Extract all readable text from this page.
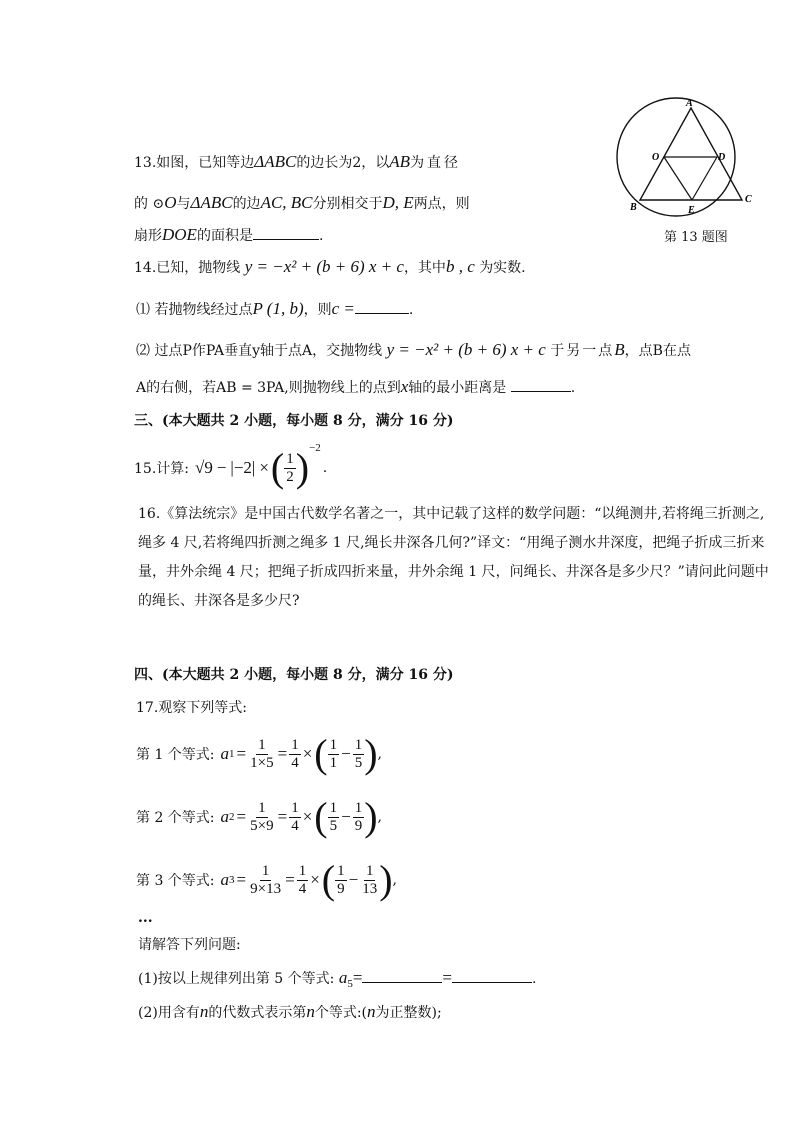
13.如图，已知等边ΔABC的边长为2，以AB为直径
的 ⊙O与ΔABC的边AC, BC分别相交于D, E两点，则
扇形DOE的面积是	.
A
O	D
B	E
C
第 13 题图
14.已知，抛物线 y = −x² + (b + 6) x + c，其中b , c 为实数.
⑴ 若抛物线经过点P (1, b)，则c =	.
⑵ 过点P作PA垂直y轴于点A，交抛物线 y = −x² + (b + 6) x + c 于另一点B，点B在点
A的右侧，若AB = 3PA,则抛物线上的点到x轴的最小距离是	.
三、(本大题共 2 小题，每小题 8 分，满分 16 分)
15.计算: √9 − |−2| × ( $\frac{1}{2}$ ) −2
.
16.《算法统宗》是中国古代数学名著之一，其中记载了这样的数学问题：“以绳测井,若将绳三折测之,绳多 4 尺,若将绳四折测之绳多 1 尺,绳长井深各几何?”译文：“用绳子测水井深度，把绳子折成三折来量，井外余绳 4 尺；把绳子折成四折来量，井外余绳 1 尺，问绳长、井深各是多少尺？”请问此问题中的绳长、井深各是多少尺?
四、(本大题共 2 小题，每小题 8 分，满分 16 分)
17.观察下列等式:
第 1 个等式: a $1 = \frac{1}{1\times 5} = \frac{1}{4}$ × ( $\frac{1}{1} - \frac{1}{5}$ ) ,
第 2 个等式: a $2 = \frac{1}{5\times 9} = \frac{1}{4}$ × ( $\frac{1}{5} - \frac{1}{9}$ ) ,
第 3 个等式: a $3 = \frac{1}{9\times 13} = \frac{1}{4}$ × ( $\frac{1}{9} - \frac{1}{13}$ ) ,
...
请解答下列问题:
(1)按以上规律列出第 5 个等式: $a_5=$	=	.
(2)用含有n的代数式表示第n个等式:(n为正整数);
